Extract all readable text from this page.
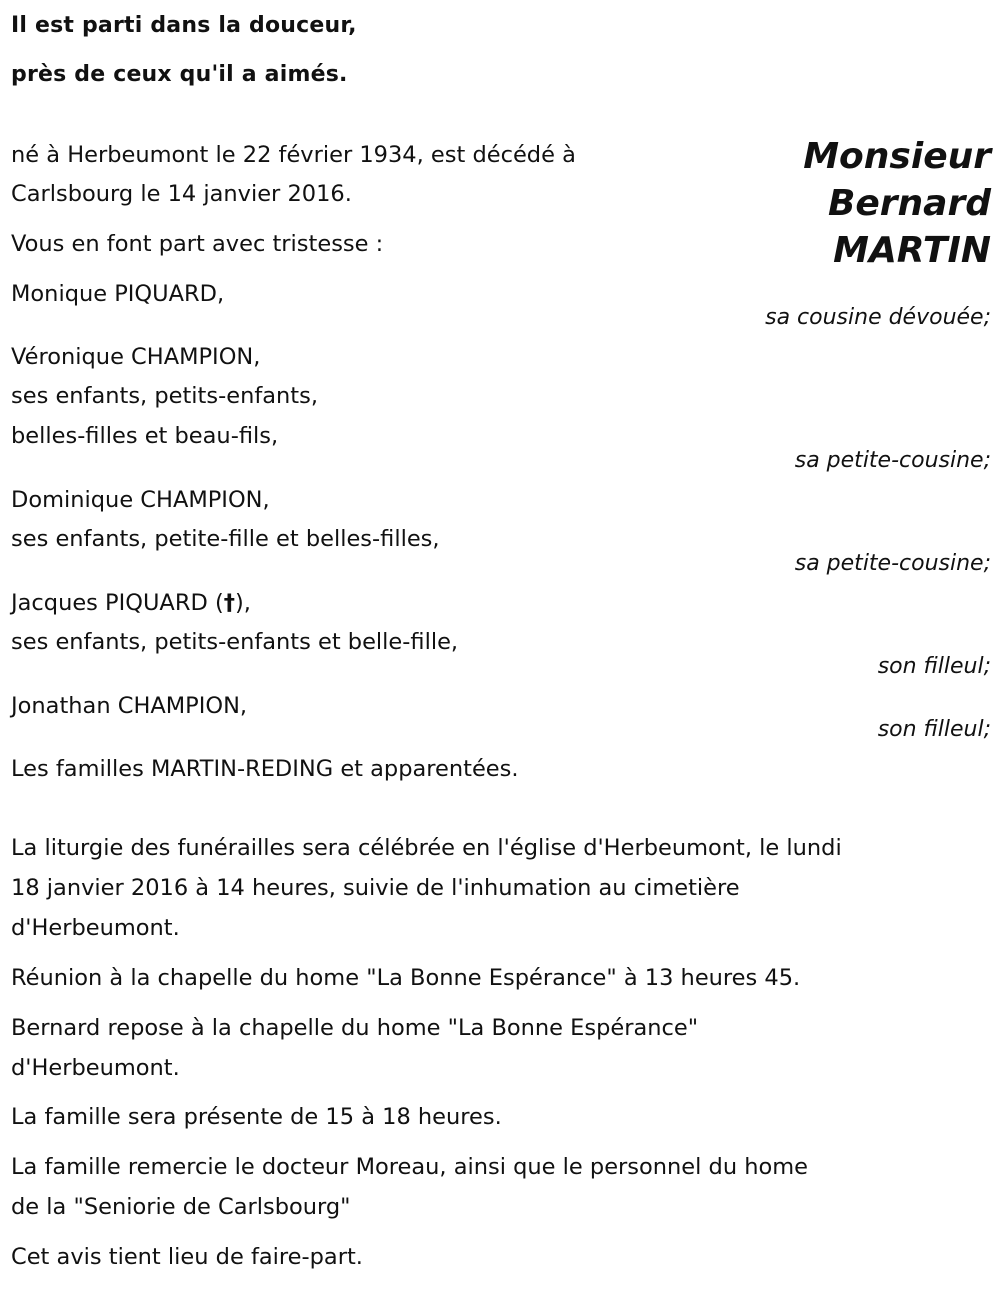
Il est parti dans la douceur,
près de ceux qu'il a aimés.
Monsieur
Bernard
MARTIN
né à Herbeumont le 22 février 1934, est décédé à
Carlsbourg le 14 janvier 2016.
Vous en font part avec tristesse :
Monique PIQUARD,
sa cousine dévouée;
Véronique CHAMPION,
ses enfants, petits-enfants,
belles-filles et beau-fils,
sa petite-cousine;
Dominique CHAMPION,
ses enfants, petite-fille et belles-filles,
sa petite-cousine;
Jacques PIQUARD (†),
ses enfants, petits-enfants et belle-fille,
son filleul;
Jonathan CHAMPION,
son filleul;
Les familles MARTIN-REDING et apparentées.
La liturgie des funérailles sera célébrée en l'église d'Herbeumont, le lundi
18 janvier 2016 à 14 heures, suivie de l'inhumation au cimetière
d'Herbeumont.
Réunion à la chapelle du home "La Bonne Espérance" à 13 heures 45.
Bernard repose à la chapelle du home "La Bonne Espérance"
d'Herbeumont.
La famille sera présente de 15 à 18 heures.
La famille remercie le docteur Moreau, ainsi que le personnel du home
de la "Seniorie de Carlsbourg"
Cet avis tient lieu de faire-part.
